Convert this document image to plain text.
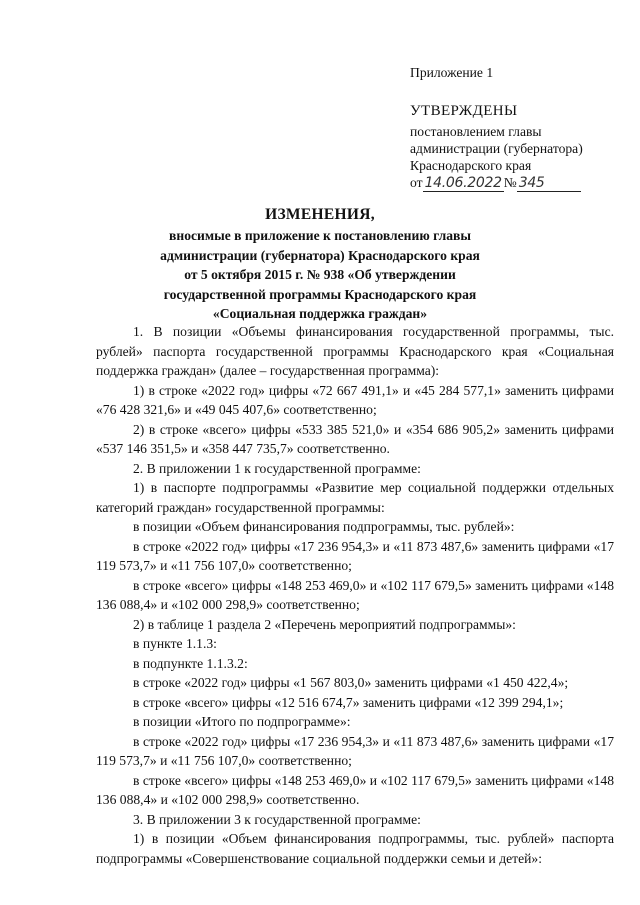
Приложение 1
УТВЕРЖДЕНЫ
постановлением главы
администрации (губернатора)
Краснодарского края
от 14.06.2022 № 345
ИЗМЕНЕНИЯ,
вносимые в приложение к постановлению главы
администрации (губернатора) Краснодарского края
от 5 октября 2015 г. № 938 «Об утверждении
государственной программы Краснодарского края
«Социальная поддержка граждан»

1. В позиции «Объемы финансирования государственной программы, тыс. рублей» паспорта государственной программы Краснодарского края «Социальная поддержка граждан» (далее – государственная программа):

1) в строке «2022 год» цифры «72 667 491,1» и «45 284 577,1» заменить цифрами «76 428 321,6» и «49 045 407,6» соответственно;

2) в строке «всего» цифры «533 385 521,0» и «354 686 905,2» заменить цифрами «537 146 351,5» и «358 447 735,7» соответственно.

2. В приложении 1 к государственной программе:

1) в паспорте подпрограммы «Развитие мер социальной поддержки отдельных категорий граждан» государственной программы:

в позиции «Объем финансирования подпрограммы, тыс. рублей»:

в строке «2022 год» цифры «17 236 954,3» и «11 873 487,6» заменить цифрами «17 119 573,7» и «11 756 107,0» соответственно;

в строке «всего» цифры «148 253 469,0» и «102 117 679,5» заменить цифрами «148 136 088,4» и «102 000 298,9» соответственно;

2) в таблице 1 раздела 2 «Перечень мероприятий подпрограммы»:

в пункте 1.1.3:

в подпункте 1.1.3.2:

в строке «2022 год» цифры «1 567 803,0» заменить цифрами «1 450 422,4»;

в строке «всего» цифры «12 516 674,7» заменить цифрами «12 399 294,1»;

в позиции «Итого по подпрограмме»:

в строке «2022 год» цифры «17 236 954,3» и «11 873 487,6» заменить цифрами «17 119 573,7» и «11 756 107,0» соответственно;

в строке «всего» цифры «148 253 469,0» и «102 117 679,5» заменить цифрами «148 136 088,4» и «102 000 298,9» соответственно.

3. В приложении 3 к государственной программе:

1) в позиции «Объем финансирования подпрограммы, тыс. рублей» паспорта подпрограммы «Совершенствование социальной поддержки семьи и детей»:
